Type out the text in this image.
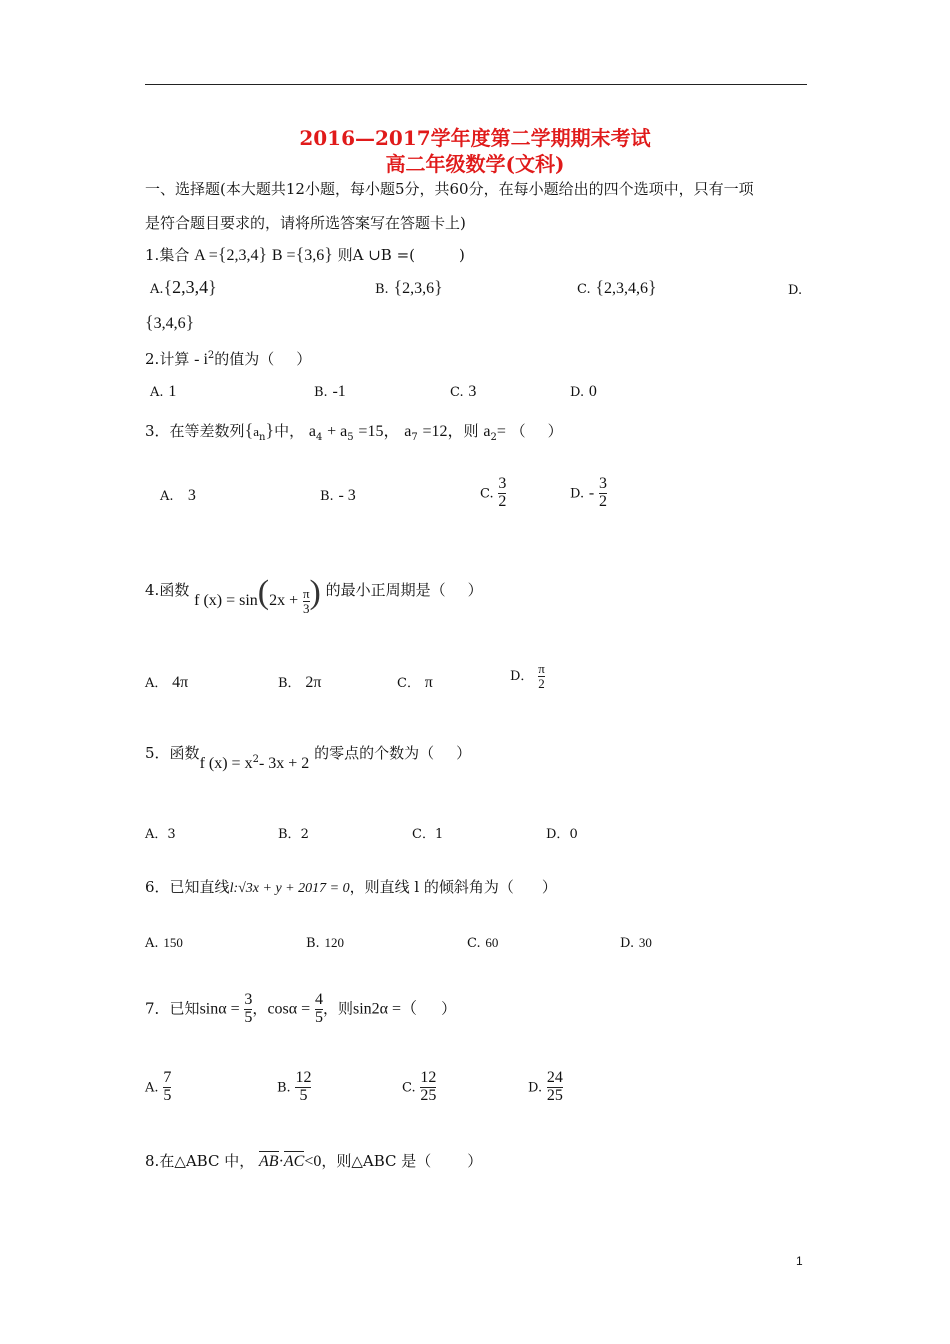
2016—2017学年度第二学期期末考试
高二年级数学(文科)
一、选择题(本大题共12小题，每小题5分，共60分，在每小题给出的四个选项中，只有一项
是符合题目要求的，请将所选答案写在答题卡上)
1.集合 A ={2,3,4} B ={3,6} 则A ∪B =(	)
A.{2,3,4}	B. {2,3,6}	C. {2,3,4,6}	D.
{3,4,6}
2.计算 - $i^2$的值为（ ）
A. 1	B. -1	C. 3	D. 0
3．在等差数列$\{a_n\}$中， $a_4 + a_5 =15$， $a_7 =12$，则 $a_2=$ （ ）
A. 3	B. - 3	C. $\frac{3}{2}$	D. - $\frac{3}{2}$
4.函数 f $(x) = \sin(2x + \frac{\pi}{3}$ ) 的最小正周期是（ ）
A． 4π	B． 2π	C． π	D． $\frac{\pi}{2}$
5．函数f $(x) = x^2-$ 3x + 2 的零点的个数为（ ）
A．3	B．2	C．1	D．0
6．已知直线l:√3x + y + 2017 = 0，则直线 l 的倾斜角为（ ）
A. 150	B. 120	C. 60	D. 30
7．已知$\sin\alpha = \frac{3}{5}$ ，$\cos\alpha = \frac{4}{5}$ ，则sin2α =（ ）
A. $\frac{7}{5}$	B. $\frac{12}{5}$	C. $\frac{12}{25}$	D. $\frac{24}{25}$
8.在△ABC 中， AB·AC<0，则△ABC 是（ ）
1
